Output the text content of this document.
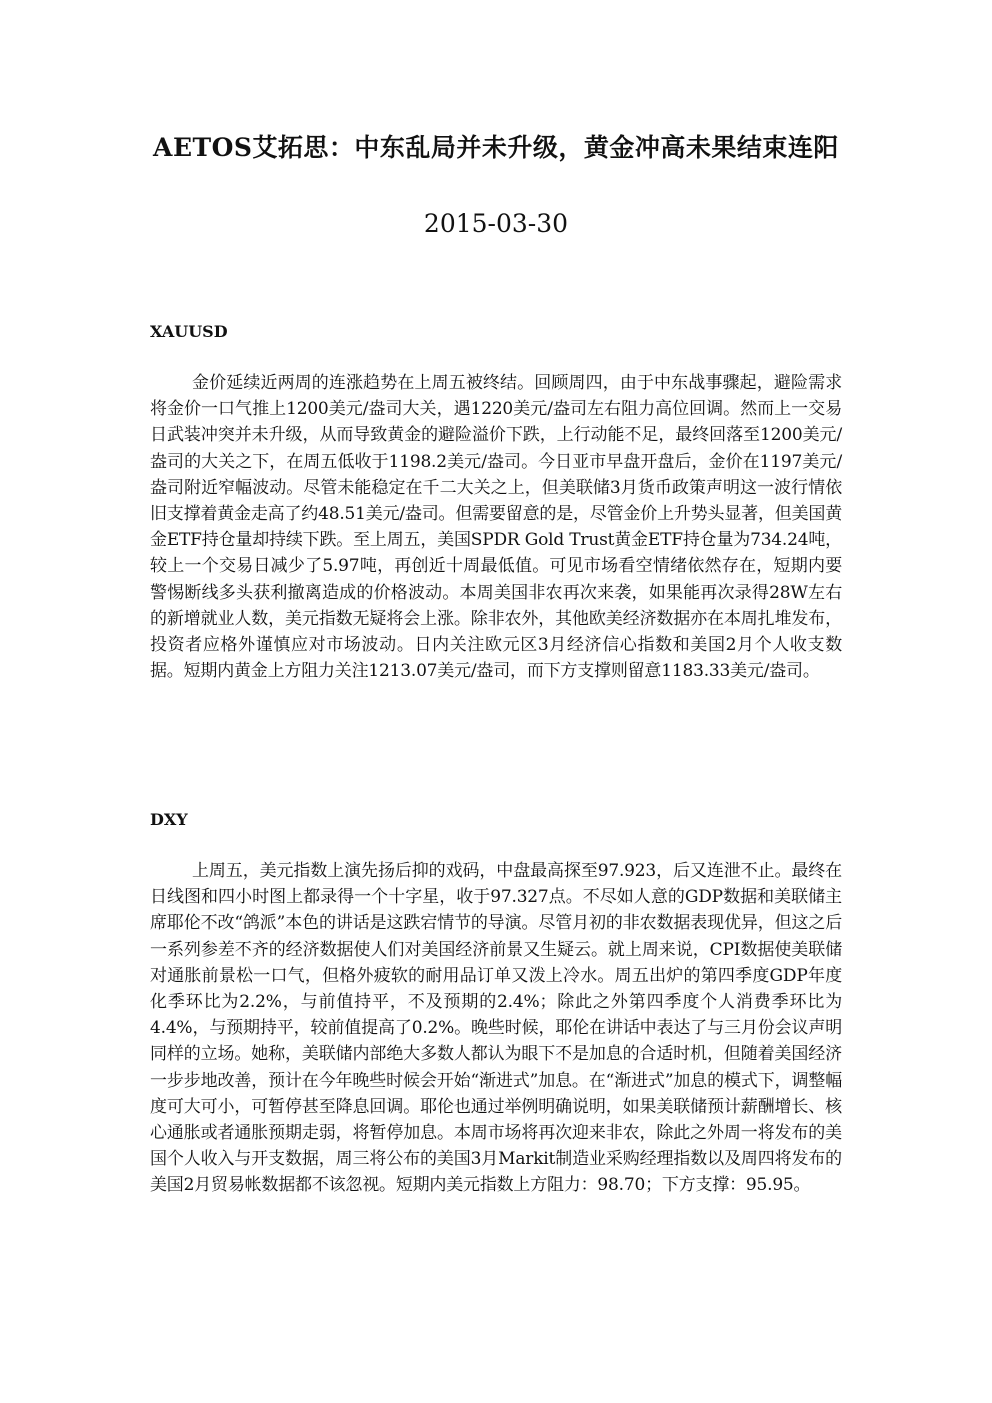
AETOS艾拓思：中东乱局并未升级，黄金冲高未果结束连阳
2015-03-30
XAUUSD

金价延续近两周的连涨趋势在上周五被终结。回顾周四，由于中东战事骤起，避险需求将金价一口气推上1200美元/盎司大关，遇1220美元/盎司左右阻力高位回调。然而上一交易日武装冲突并未升级，从而导致黄金的避险溢价下跌，上行动能不足，最终回落至1200美元/盎司的大关之下，在周五低收于1198.2美元/盎司。今日亚市早盘开盘后，金价在1197美元/盎司附近窄幅波动。尽管未能稳定在千二大关之上，但美联储3月货币政策声明这一波行情依旧支撑着黄金走高了约48.51美元/盎司。但需要留意的是，尽管金价上升势头显著，但美国黄金ETF持仓量却持续下跌。至上周五，美国SPDR Gold Trust黄金ETF持仓量为734.24吨，较上一个交易日减少了5.97吨，再创近十周最低值。可见市场看空情绪依然存在，短期内要警惕断线多头获利撤离造成的价格波动。本周美国非农再次来袭，如果能再次录得28W左右的新增就业人数，美元指数无疑将会上涨。除非农外，其他欧美经济数据亦在本周扎堆发布，投资者应格外谨慎应对市场波动。日内关注欧元区3月经济信心指数和美国2月个人收支数据。短期内黄金上方阻力关注1213.07美元/盎司，而下方支撑则留意1183.33美元/盎司。

DXY

上周五，美元指数上演先扬后抑的戏码，中盘最高探至97.923，后又连泄不止。最终在日线图和四小时图上都录得一个十字星，收于97.327点。不尽如人意的GDP数据和美联储主席耶伦不改“鸽派”本色的讲话是这跌宕情节的导演。尽管月初的非农数据表现优异，但这之后一系列参差不齐的经济数据使人们对美国经济前景又生疑云。就上周来说，CPI数据使美联储对通胀前景松一口气，但格外疲软的耐用品订单又泼上冷水。周五出炉的第四季度GDP年度化季环比为2.2%，与前值持平，不及预期的2.4%；除此之外第四季度个人消费季环比为4.4%，与预期持平，较前值提高了0.2%。晚些时候，耶伦在讲话中表达了与三月份会议声明同样的立场。她称，美联储内部绝大多数人都认为眼下不是加息的合适时机，但随着美国经济一步步地改善，预计在今年晚些时候会开始“渐进式”加息。在“渐进式”加息的模式下，调整幅度可大可小，可暂停甚至降息回调。耶伦也通过举例明确说明，如果美联储预计薪酬增长、核心通胀或者通胀预期走弱，将暂停加息。本周市场将再次迎来非农，除此之外周一将发布的美国个人收入与开支数据，周三将公布的美国3月Markit制造业采购经理指数以及周四将发布的美国2月贸易帐数据都不该忽视。短期内美元指数上方阻力：98.70；下方支撑：95.95。
